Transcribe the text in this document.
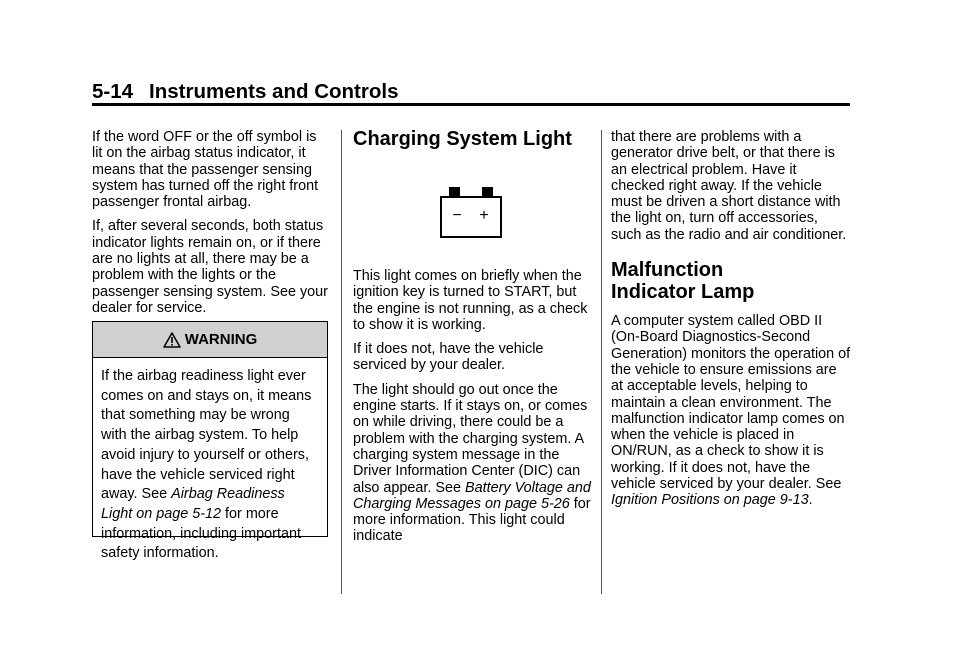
5-14 Instruments and Controls

If the word OFF or the off symbol is lit on the airbag status indicator, it means that the passenger sensing system has turned off the right front passenger frontal airbag.

If, after several seconds, both status indicator lights remain on, or if there are no lights at all, there may be a problem with the lights or the passenger sensing system. See your dealer for service.

WARNING
If the airbag readiness light ever comes on and stays on, it means that something may be wrong with the airbag system. To help avoid injury to yourself or others, have the vehicle serviced right away. See Airbag Readiness Light on page 5-12 for more information, including important safety information.
Charging System Light
− +

This light comes on briefly when the ignition key is turned to START, but the engine is not running, as a check to show it is working.

If it does not, have the vehicle serviced by your dealer.

The light should go out once the engine starts. If it stays on, or comes on while driving, there could be a problem with the charging system. A charging system message in the Driver Information Center (DIC) can also appear. See Battery Voltage and Charging Messages on page 5-26 for more information. This light could indicate

that there are problems with a generator drive belt, or that there is an electrical problem. Have it checked right away. If the vehicle must be driven a short distance with the light on, turn off accessories, such as the radio and air conditioner.

Malfunction
Indicator Lamp

A computer system called OBD II (On-Board Diagnostics-Second Generation) monitors the operation of the vehicle to ensure emissions are at acceptable levels, helping to maintain a clean environment. The malfunction indicator lamp comes on when the vehicle is placed in ON/RUN, as a check to show it is working. If it does not, have the vehicle serviced by your dealer. See Ignition Positions on page 9-13.
